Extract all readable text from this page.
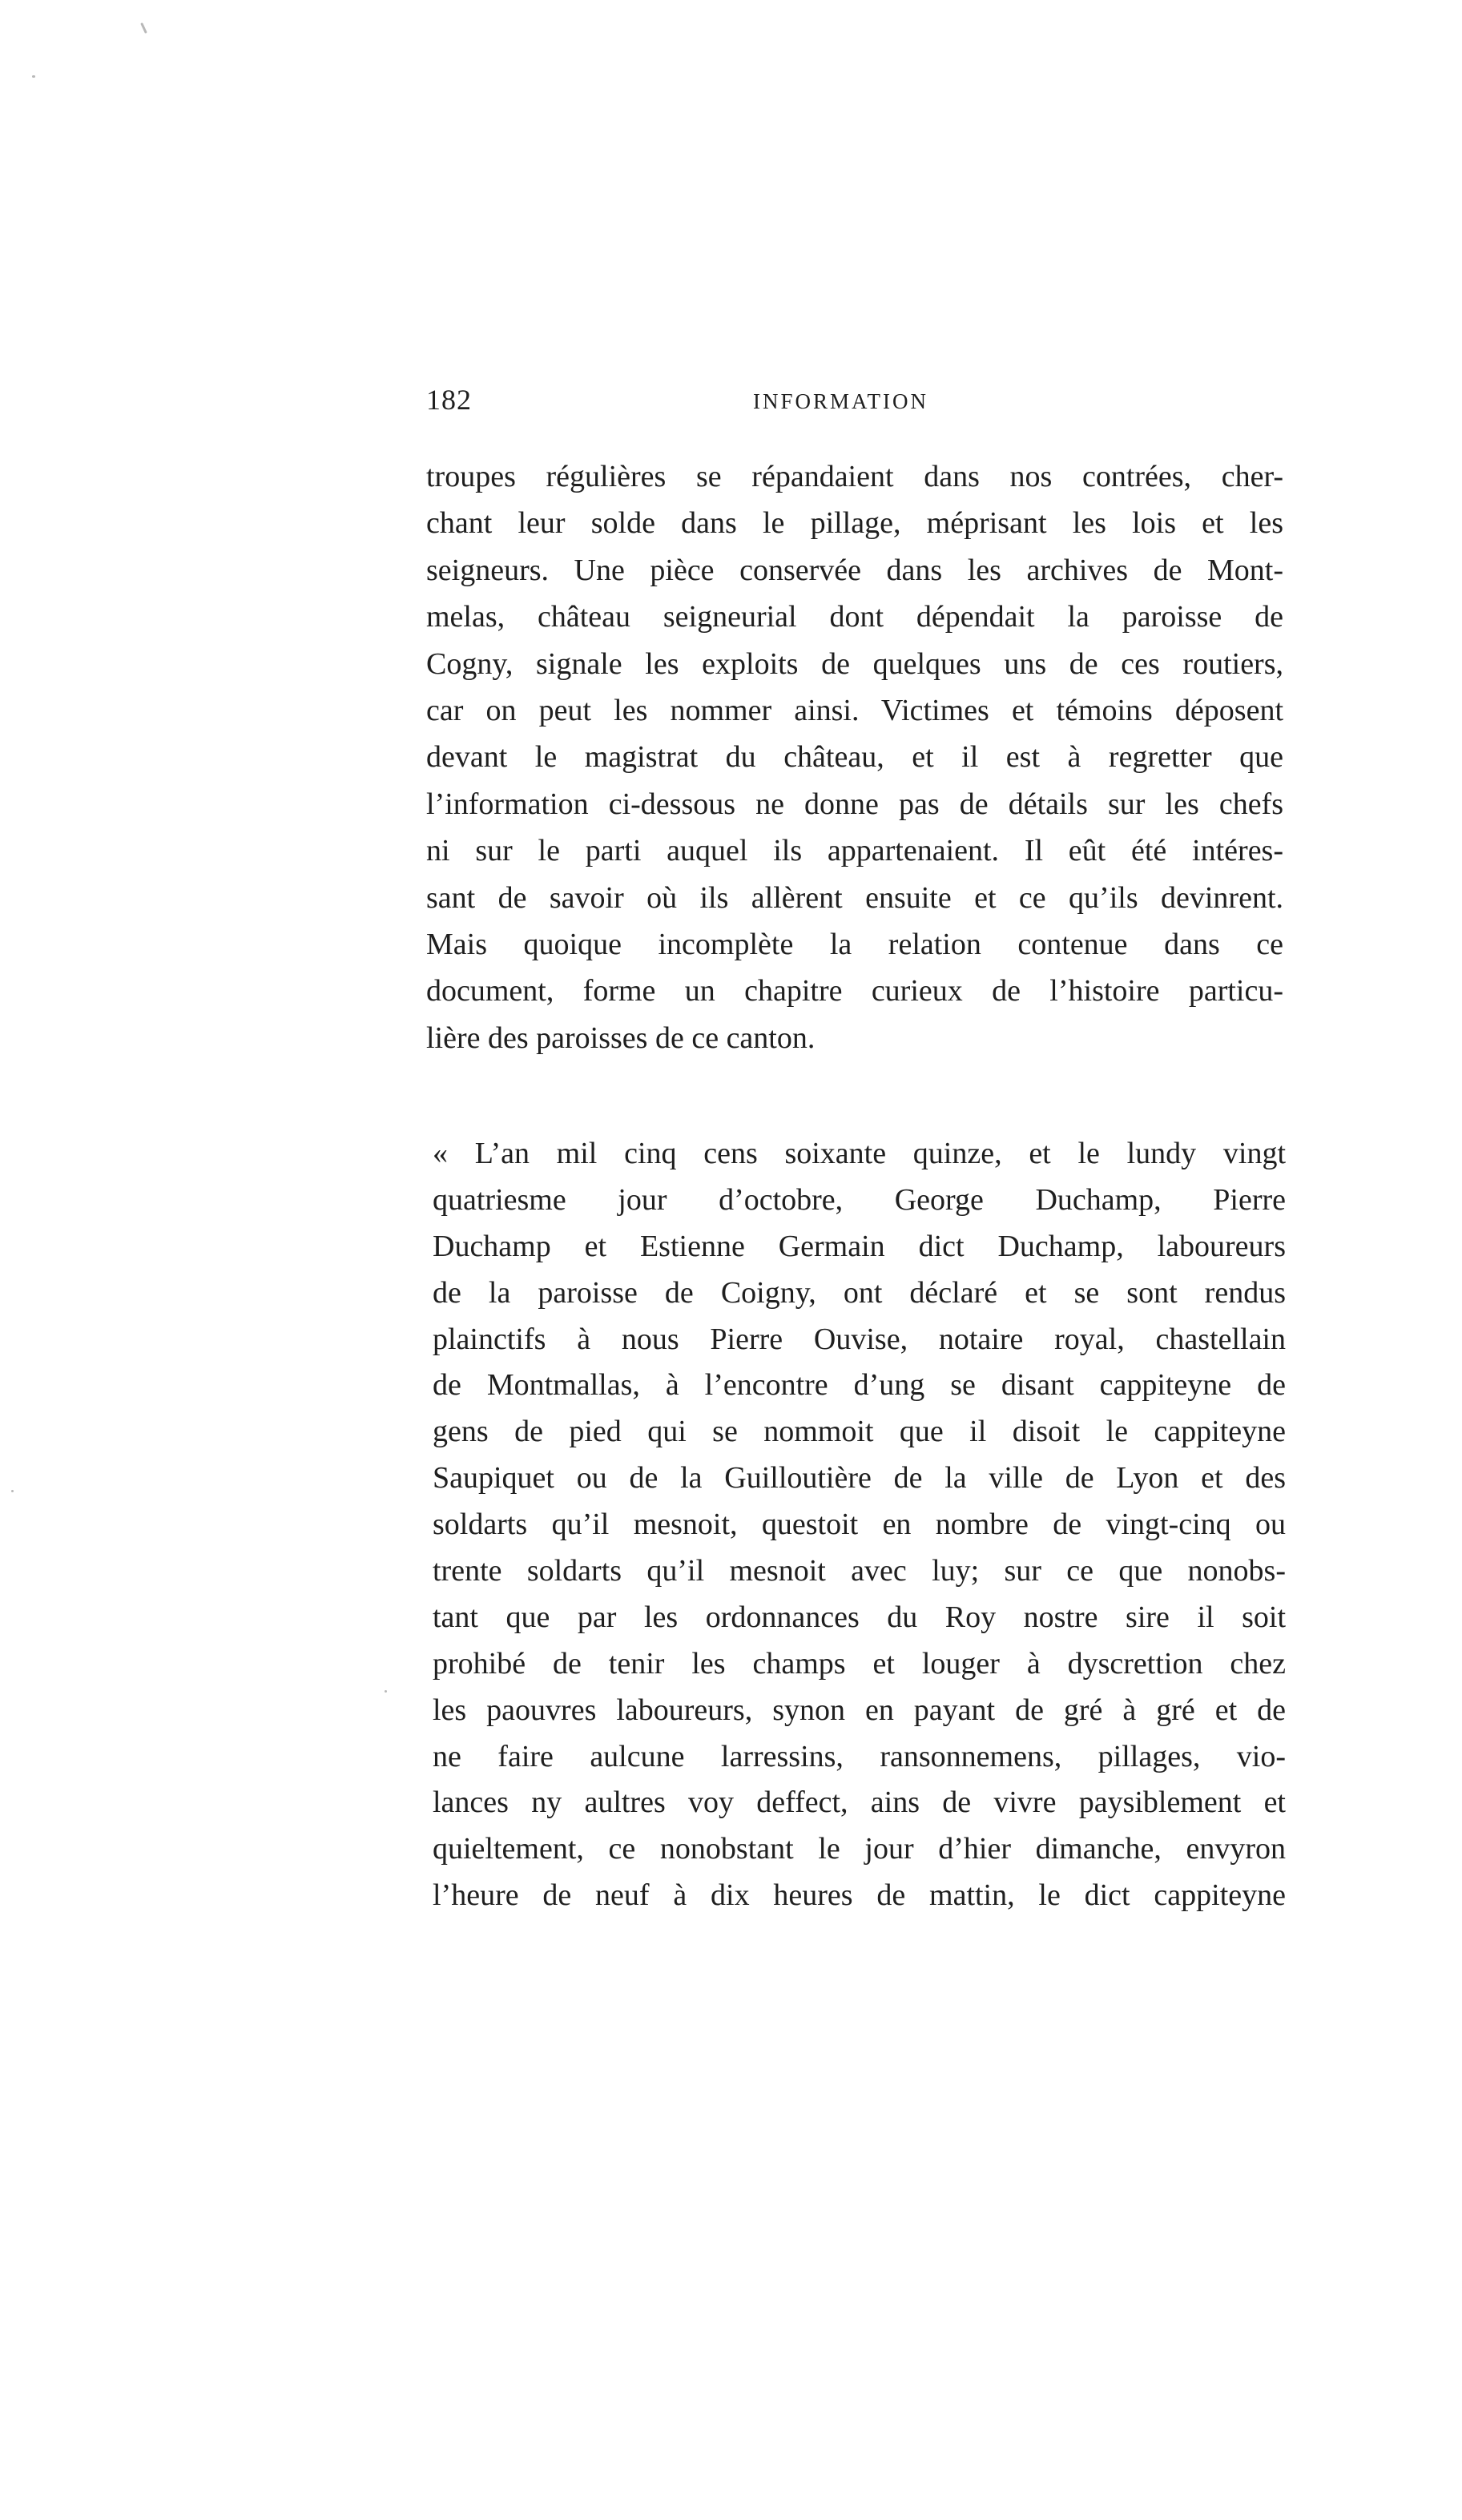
182	INFORMATION
troupes régulières se répandaient dans nos contrées, cher-
chant leur solde dans le pillage, méprisant les lois et les
seigneurs. Une pièce conservée dans les archives de Mont-
melas, château seigneurial dont dépendait la paroisse de
Cogny, signale les exploits de quelques uns de ces routiers,
car on peut les nommer ainsi. Victimes et témoins déposent
devant le magistrat du château, et il est à regretter que
l’information ci-dessous ne donne pas de détails sur les chefs
ni sur le parti auquel ils appartenaient. Il eût été intéres-
sant de savoir où ils allèrent ensuite et ce qu’ils devinrent.
Mais quoique incomplète la relation contenue dans ce
document, forme un chapitre curieux de l’histoire particu-
lière des paroisses de ce canton.
« L’an mil cinq cens soixante quinze, et le lundy vingt
quatriesme jour d’octobre, George Duchamp, Pierre
Duchamp et Estienne Germain dict Duchamp, laboureurs
de la paroisse de Coigny, ont déclaré et se sont rendus
plainctifs à nous Pierre Ouvise, notaire royal, chastellain
de Montmallas, à l’encontre d’ung se disant cappiteyne de
gens de pied qui se nommoit que il disoit le cappiteyne
Saupiquet ou de la Guilloutière de la ville de Lyon et des
soldarts qu’il mesnoit, questoit en nombre de vingt-cinq ou
trente soldarts qu’il mesnoit avec luy; sur ce que nonobs-
tant que par les ordonnances du Roy nostre sire il soit
prohibé de tenir les champs et louger à dyscrettion chez
les paouvres laboureurs, synon en payant de gré à gré et de
ne faire aulcune larressins, ransonnemens, pillages, vio-
lances ny aultres voy deffect, ains de vivre paysiblement et
quieltement, ce nonobstant le jour d’hier dimanche, envyron
l’heure de neuf à dix heures de mattin, le dict cappiteyne
